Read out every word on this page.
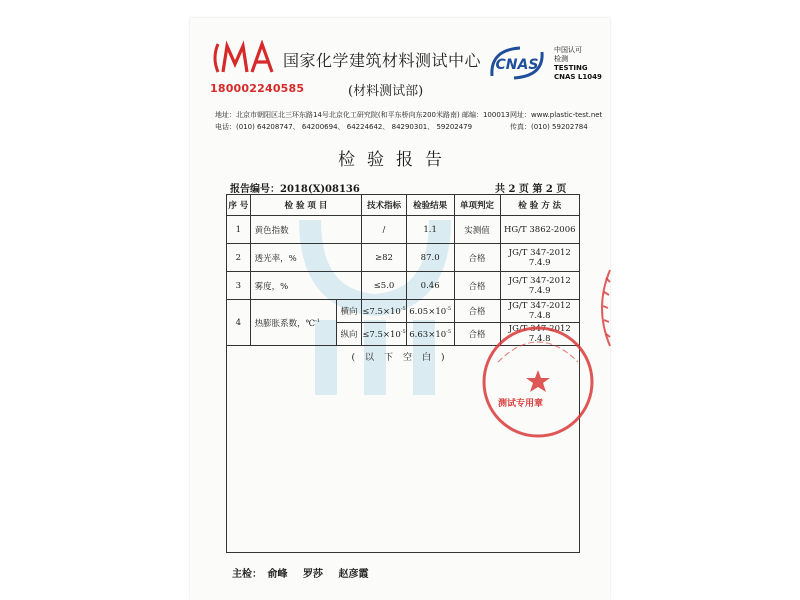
180002240585
国家化学建筑材料测试中心
(材料测试部)
CNAS
中国认可
检测
TESTING
CNAS L1049
地址：北京市朝阳区北三环东路14号北京化工研究院(和平东桥向东200米路南) 邮编：100013
电话：(010) 64208747、 64200694、 64224642、 84290301、 59202479
网址：www.plastic-test.net
传真：(010) 59202784
检验报告
报告编号：2018(X)08136	共 2 页 第 2 页
序 号	检 验 项 目		技术指标	检验结果	单项判定	检 验 方 法
1	黄色指数		/	1.1	实测值	HG/T 3862-2006
2	透光率，%		≥82	87.0	合格	JG/T 347-2012 7.4.9
3	雾度，%		≤5.0	0.46	合格	JG/T 347-2012 7.4.9
4	热膨胀系数，℃$^{-1}$	横向	$\le 7.5\times 10^{-5}$	$6.05\times 10^{-5}$	合格	JG/T 347-2012 7.4.8
		纵向	$\le 7.5\times 10^{-5}$	$6.63\times 10^{-5}$	合格	JG/T 347-2012 7.4.8

(以下空白)						
主检： 俞峰 罗莎 赵彦霞
测试专用章
